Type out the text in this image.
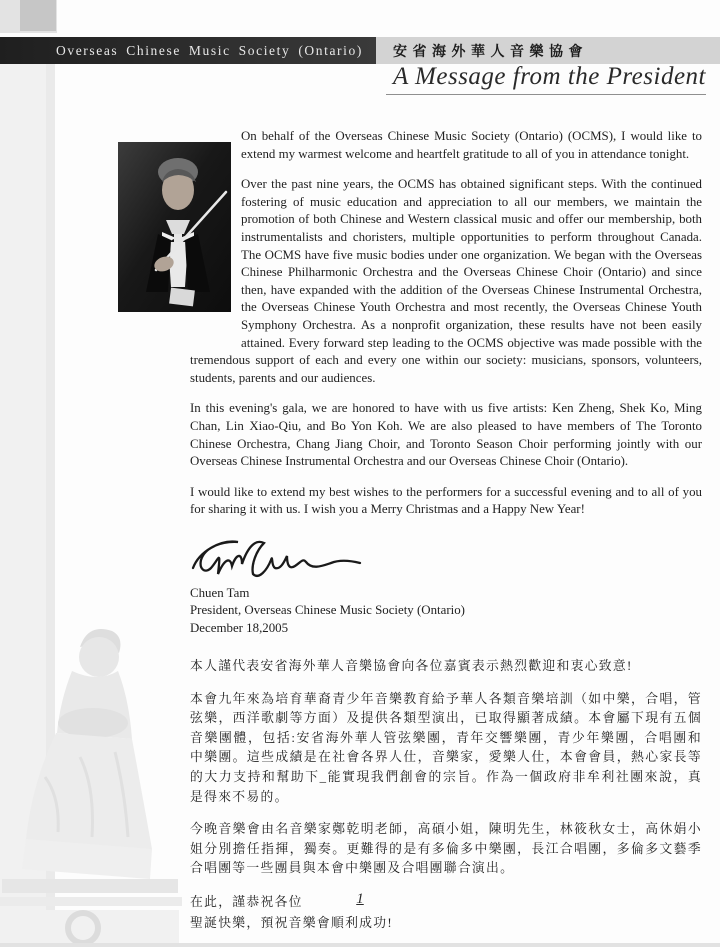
Overseas Chinese Music Society (Ontario) 安省海外華人音樂協會
A Message from the President

On behalf of the Overseas Chinese Music Society (Ontario) (OCMS), I would like to extend my warmest welcome and heartfelt gratitude to all of you in attendance tonight.

Over the past nine years, the OCMS has obtained significant steps. With the continued fostering of music education and appreciation to all our members, we maintain the promotion of both Chinese and Western classical music and offer our membership, both instrumentalists and choristers, multiple opportunities to perform throughout Canada. The OCMS have five music bodies under one organization. We began with the Overseas Chinese Philharmonic Orchestra and the Overseas Chinese Choir (Ontario) and since then, have expanded with the addition of the Overseas Chinese Instrumental Orchestra, the Overseas Chinese Youth Orchestra and most recently, the Overseas Chinese Youth Symphony Orchestra. As a nonprofit organization, these results have not been easily attained. Every forward step leading to the OCMS objective was made possible with the tremendous support of each and every one within our society: musicians, sponsors, volunteers, students, parents and our audiences.

In this evening's gala, we are honored to have with us five artists: Ken Zheng, Shek Ko, Ming Chan, Lin Xiao-Qiu, and Bo Yon Koh. We are also pleased to have members of The Toronto Chinese Orchestra, Chang Jiang Choir, and Toronto Season Choir performing jointly with our Overseas Chinese Instrumental Orchestra and our Overseas Chinese Choir (Ontario).

I would like to extend my best wishes to the performers for a successful evening and to all of you for sharing it with us. I wish you a Merry Christmas and a Happy New Year!

Chuen Tam
President, Overseas Chinese Music Society (Ontario)
December 18,2005

本人謹代表安省海外華人音樂協會向各位嘉賓表示熱烈歡迎和衷心致意!

本會九年來為培育華裔青少年音樂教育給予華人各類音樂培訓（如中樂，合唱，管弦樂，西洋歌劇等方面）及提供各類型演出，已取得顯著成績。本會屬下現有五個音樂團體，包括:安省海外華人管弦樂團，青年交響樂團，青少年樂團，合唱團和中樂團。這些成績是在社會各界人仕，音樂家，愛樂人仕，本會會員，熱心家長等的大力支持和幫助下_能實現我們創會的宗旨。作為一個政府非牟利社團來說，真是得來不易的。

今晚音樂會由名音樂家鄭乾明老師，高碩小姐，陳明先生，林筱秋女士，高休娟小姐分別擔任指揮，獨奏。更難得的是有多倫多中樂團，長江合唱團，多倫多文藝季合唱團等一些團員與本會中樂團及合唱團聯合演出。

在此，謹恭祝各位

聖誕快樂，預祝音樂會順利成功!

1
